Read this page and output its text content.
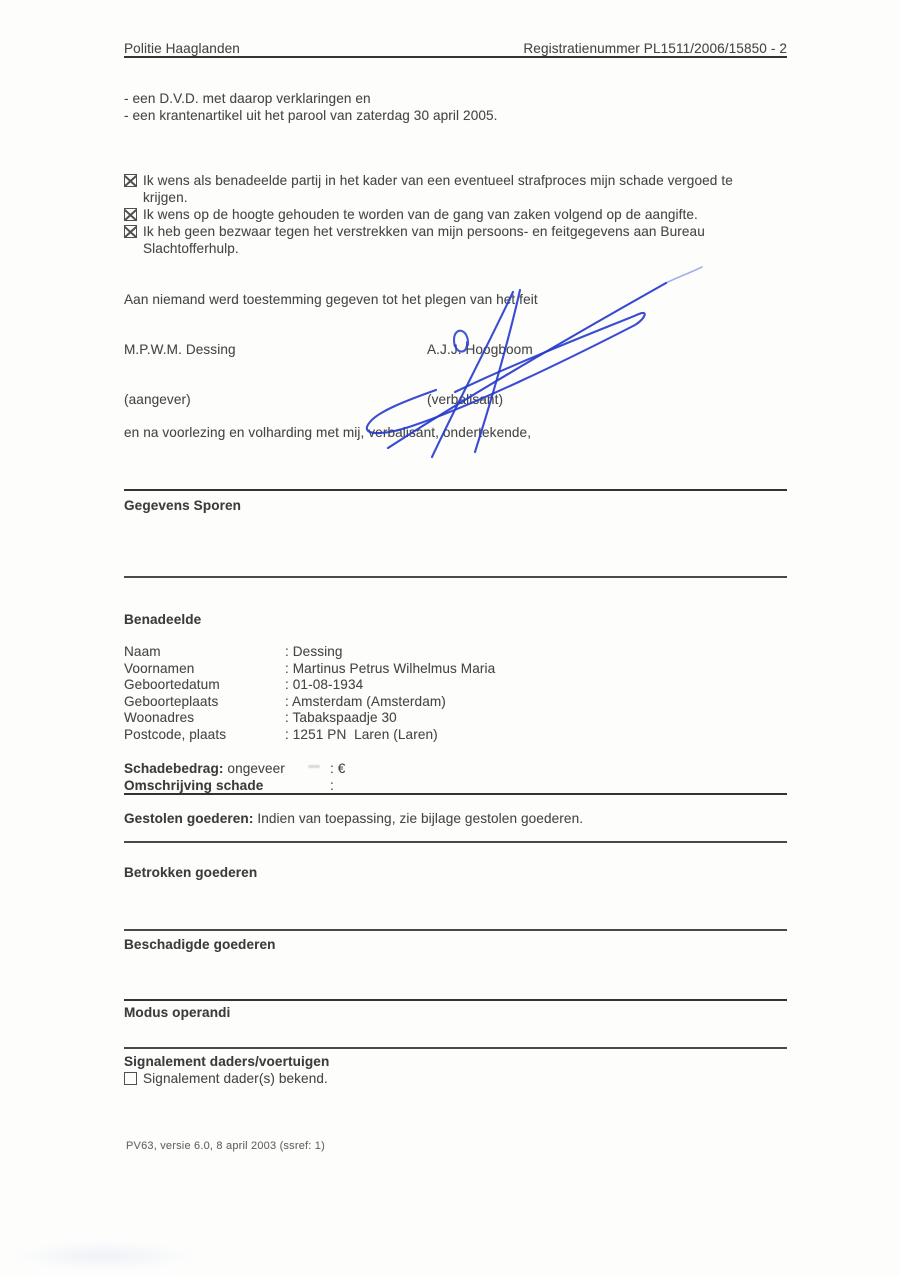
Politie Haaglanden	Registratienummer PL1511/2006/15850 - 2
- een D.V.D. met daarop verklaringen en
- een krantenartikel uit het parool van zaterdag 30 april 2005.
Ik wens als benadeelde partij in het kader van een eventueel strafproces mijn schade vergoed te krijgen.
Ik wens op de hoogte gehouden te worden van de gang van zaken volgend op de aangifte.
Ik heb geen bezwaar tegen het verstrekken van mijn persoons- en feitgegevens aan Bureau Slachtofferhulp.
Aan niemand werd toestemming gegeven tot het plegen van het feit
M.P.W.M. Dessing	A.J.J. Hoogboom
(aangever)	(verbalisant)
en na voorlezing en volharding met mij, verbalisant, ondertekende,
Gegevens Sporen
Benadeelde
Naam	: Dessing
Voornamen	: Martinus Petrus Wilhelmus Maria
Geboortedatum	: 01-08-1934
Geboorteplaats	: Amsterdam (Amsterdam)
Woonadres	: Tabakspaadje 30
Postcode, plaats	: 1251 PN  Laren (Laren)
Schadebedrag: ongeveer	: €
Omschrijving schade	:
Gestolen goederen: Indien van toepassing, zie bijlage gestolen goederen.
Betrokken goederen
Beschadigde goederen
Modus operandi
Signalement daders/voertuigen
Signalement dader(s) bekend.
PV63, versie 6.0, 8 april 2003 (ssref: 1)
